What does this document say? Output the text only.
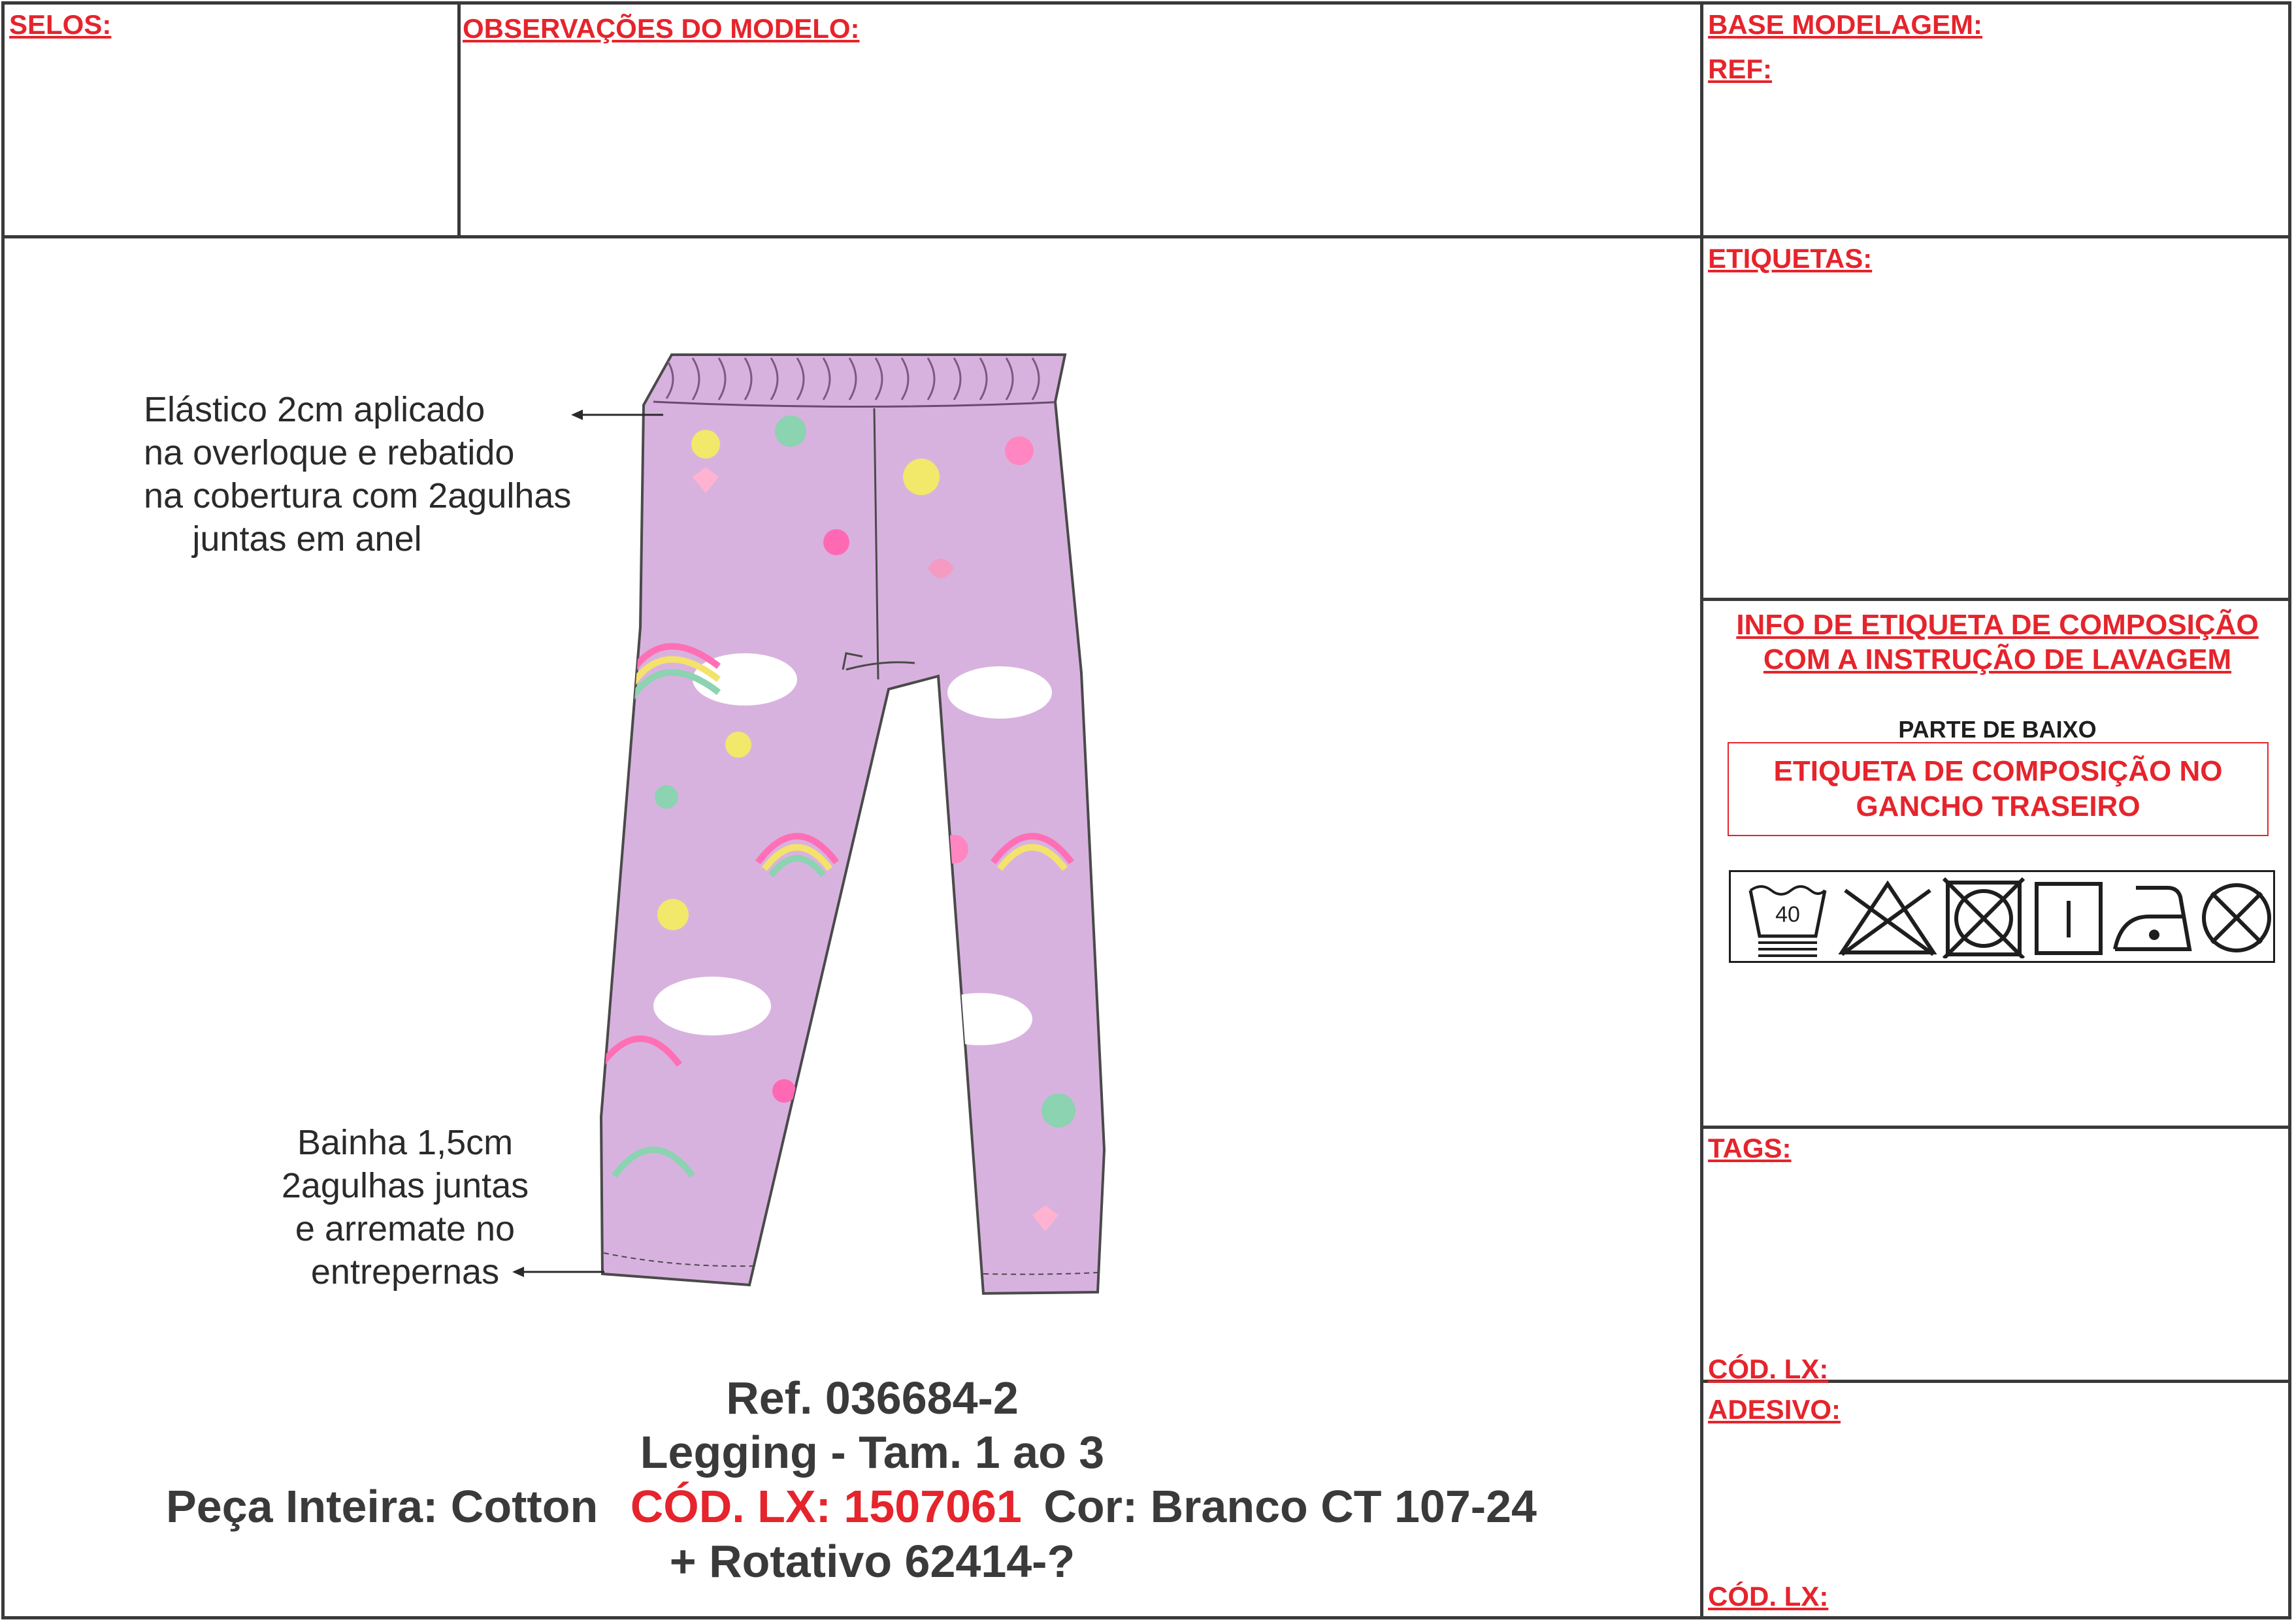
SELOS:	OBSERVAÇÕES DO MODELO:	BASE MODELAGEM:
REF:
ETIQUETAS:
TAGS:
CÓD. LX:
ADESIVO:
CÓD. LX:
INFO DE ETIQUETA DE COMPOSIÇÃO
COM A INSTRUÇÃO DE LAVAGEM
PARTE DE BAIXO
ETIQUETA DE COMPOSIÇÃO NO
GANCHO TRASEIRO
40
Elástico 2cm aplicado
na overloque e rebatido
na cobertura com 2agulhas
juntas em anel
Bainha 1,5cm
2agulhas juntas
e arremate no
entrepernas
Ref. 036684-2
Legging - Tam. 1 ao 3
Peça Inteira: Cotton CÓD. LX: 1507061 Cor: Branco CT 107-24
+ Rotativo 62414-?
